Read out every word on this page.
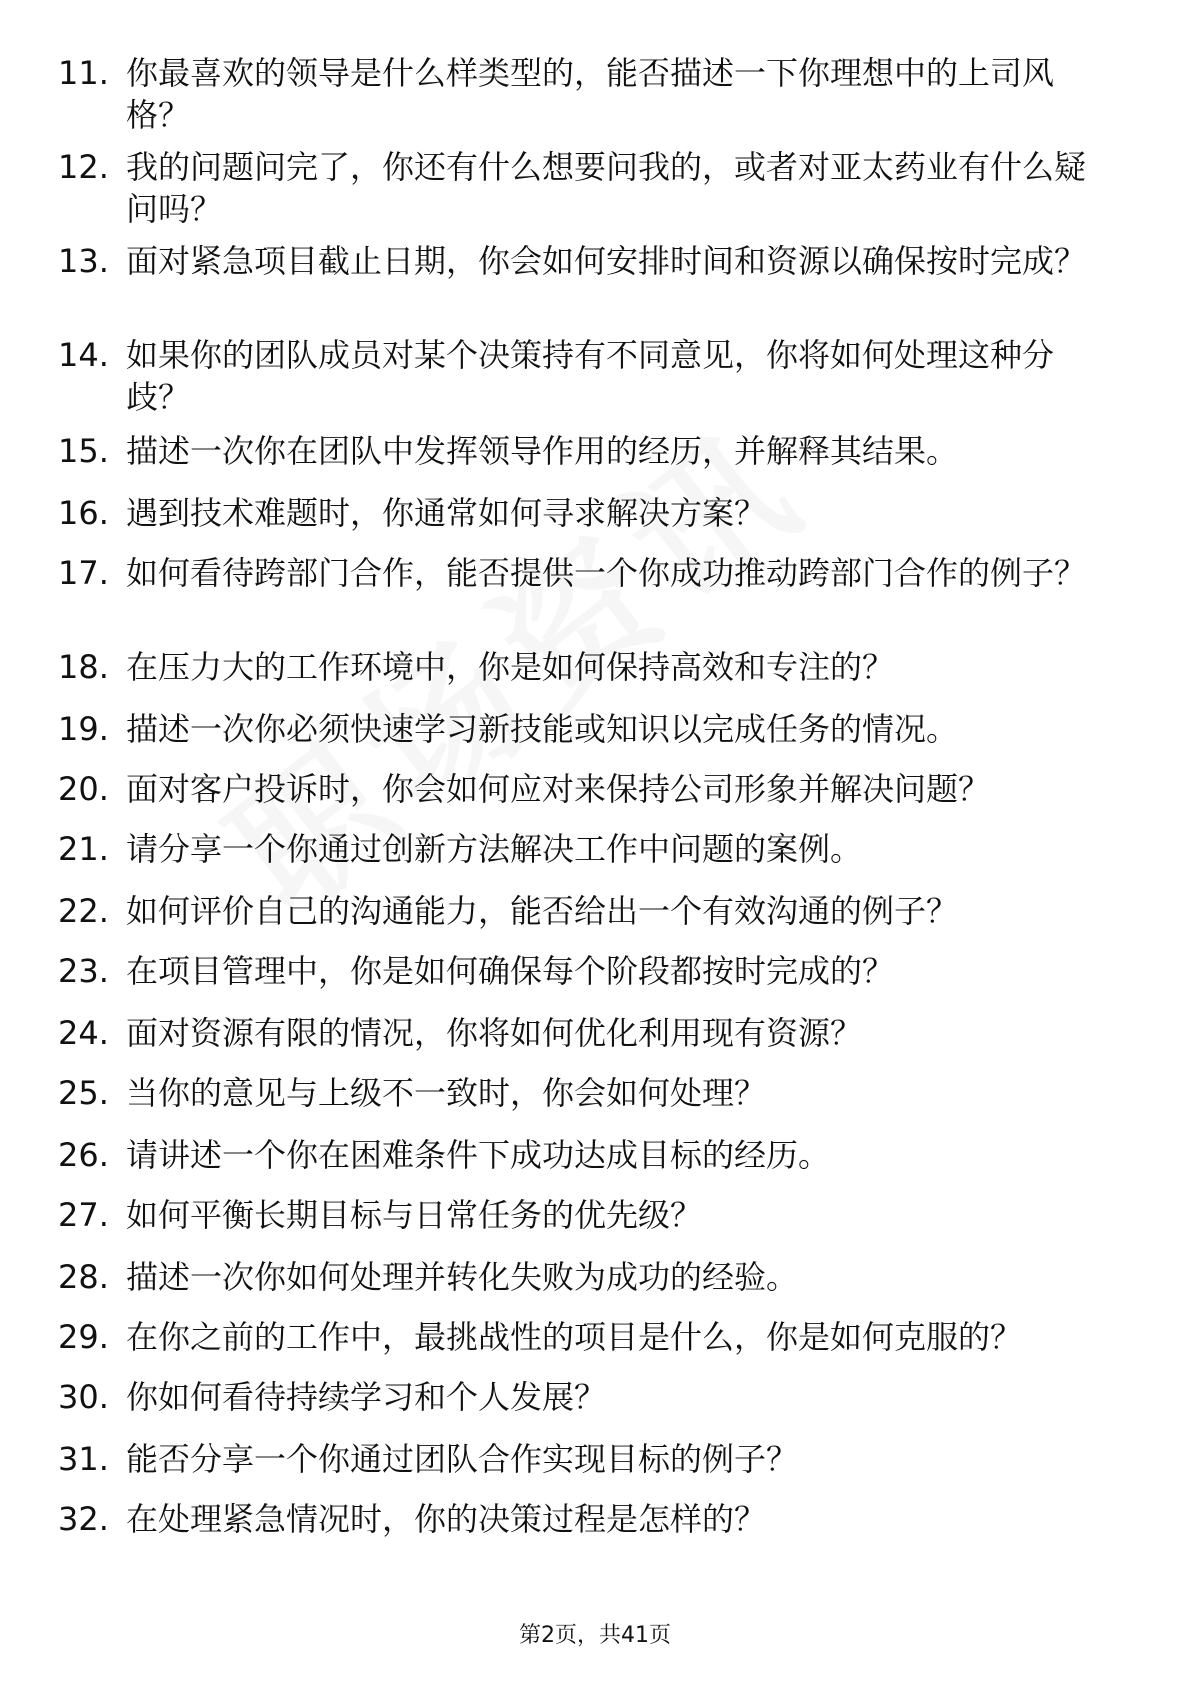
11. 你最喜欢的领导是什么样类型的，能否描述一下你理想中的上司风格？
12. 我的问题问完了，你还有什么想要问我的，或者对亚太药业有什么疑问吗？
13. 面对紧急项目截止日期，你会如何安排时间和资源以确保按时完成？
14. 如果你的团队成员对某个决策持有不同意见，你将如何处理这种分歧？
15. 描述一次你在团队中发挥领导作用的经历，并解释其结果。
16. 遇到技术难题时，你通常如何寻求解决方案？
17. 如何看待跨部门合作，能否提供一个你成功推动跨部门合作的例子？
18. 在压力大的工作环境中，你是如何保持高效和专注的？
19. 描述一次你必须快速学习新技能或知识以完成任务的情况。
20. 面对客户投诉时，你会如何应对来保持公司形象并解决问题？
21. 请分享一个你通过创新方法解决工作中问题的案例。
22. 如何评价自己的沟通能力，能否给出一个有效沟通的例子？
23. 在项目管理中，你是如何确保每个阶段都按时完成的？
24. 面对资源有限的情况，你将如何优化利用现有资源？
25. 当你的意见与上级不一致时，你会如何处理？
26. 请讲述一个你在困难条件下成功达成目标的经历。
27. 如何平衡长期目标与日常任务的优先级？
28. 描述一次你如何处理并转化失败为成功的经验。
29. 在你之前的工作中，最挑战性的项目是什么，你是如何克服的？
30. 你如何看待持续学习和个人发展？
31. 能否分享一个你通过团队合作实现目标的例子？
32. 在处理紧急情况时，你的决策过程是怎样的？
第2页，共41页
